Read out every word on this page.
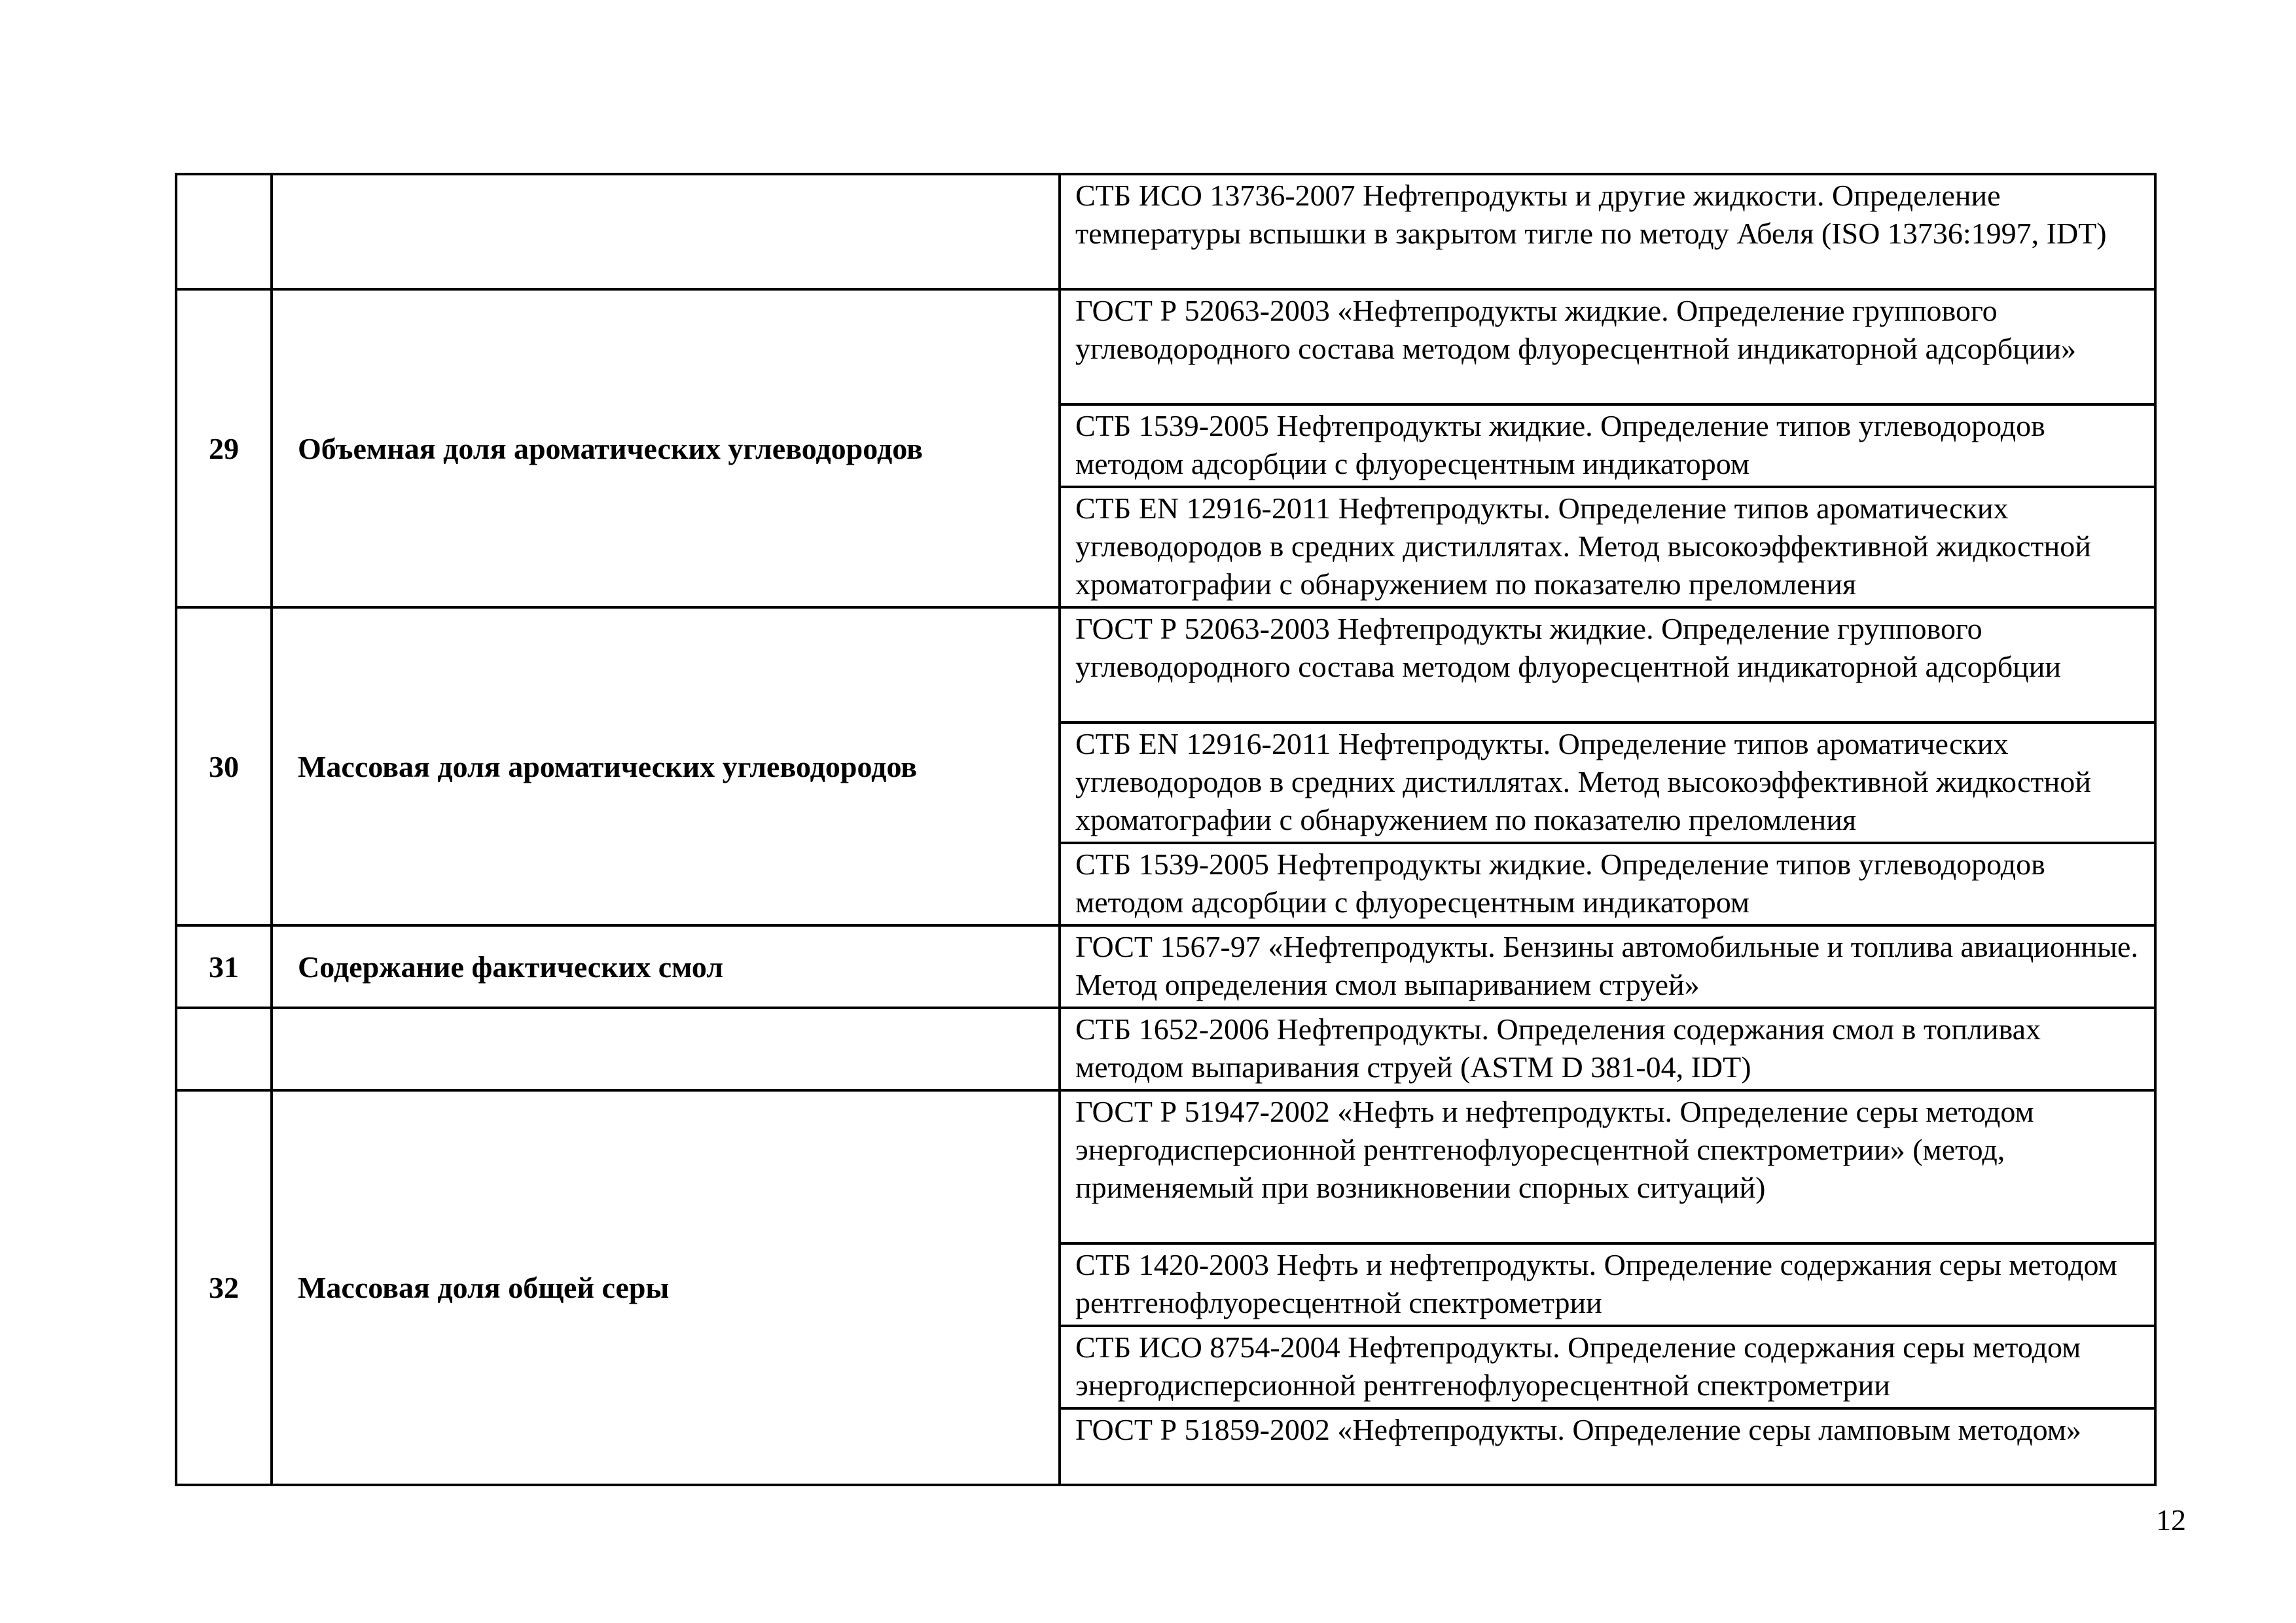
		СТБ ИСО 13736-2007 Нефтепродукты и другие жидкости. Определение температуры вспышки в закрытом тигле по методу Абеля (ISO 13736:1997, IDT)
29	Объемная доля ароматических углеводородов	ГОСТ Р 52063-2003 «Нефтепродукты жидкие. Определение группового углеводородного состава методом флуоресцентной индикаторной адсорбции»
		СТБ 1539-2005 Нефтепродукты жидкие. Определение типов углеводородов методом адсорбции с флуоресцентным индикатором
		СТБ EN 12916-2011 Нефтепродукты. Определение типов ароматических углеводородов в средних дистиллятах. Метод высокоэффективной жидкостной хроматографии с обнаружением по показателю преломления
30	Массовая доля ароматических углеводородов	ГОСТ Р 52063-2003 Нефтепродукты жидкие. Определение группового углеводородного состава методом флуоресцентной индикаторной адсорбции
		СТБ EN 12916-2011 Нефтепродукты. Определение типов ароматических углеводородов в средних дистиллятах. Метод высокоэффективной жидкостной хроматографии с обнаружением по показателю преломления
		СТБ 1539-2005 Нефтепродукты жидкие. Определение типов углеводородов методом адсорбции с флуоресцентным индикатором
31	Содержание фактических смол	ГОСТ 1567-97 «Нефтепродукты. Бензины автомобильные и топлива авиационные. Метод определения смол выпариванием струей»
		СТБ 1652-2006 Нефтепродукты. Определения содержания смол в топливах методом выпаривания струей (ASTM D 381-04, IDT)
32	Массовая доля общей серы	ГОСТ Р 51947-2002 «Нефть и нефтепродукты. Определение серы методом энергодисперсионной рентгенофлуоресцентной спектрометрии» (метод, применяемый при возникновении спорных ситуаций)
		СТБ 1420-2003 Нефть и нефтепродукты. Определение содержания серы методом рентгенофлуоресцентной спектрометрии
		СТБ ИСО 8754-2004 Нефтепродукты. Определение содержания серы методом энергодисперсионной рентгенофлуоресцентной спектрометрии
		ГОСТ Р 51859-2002 «Нефтепродукты. Определение серы ламповым методом»
12
